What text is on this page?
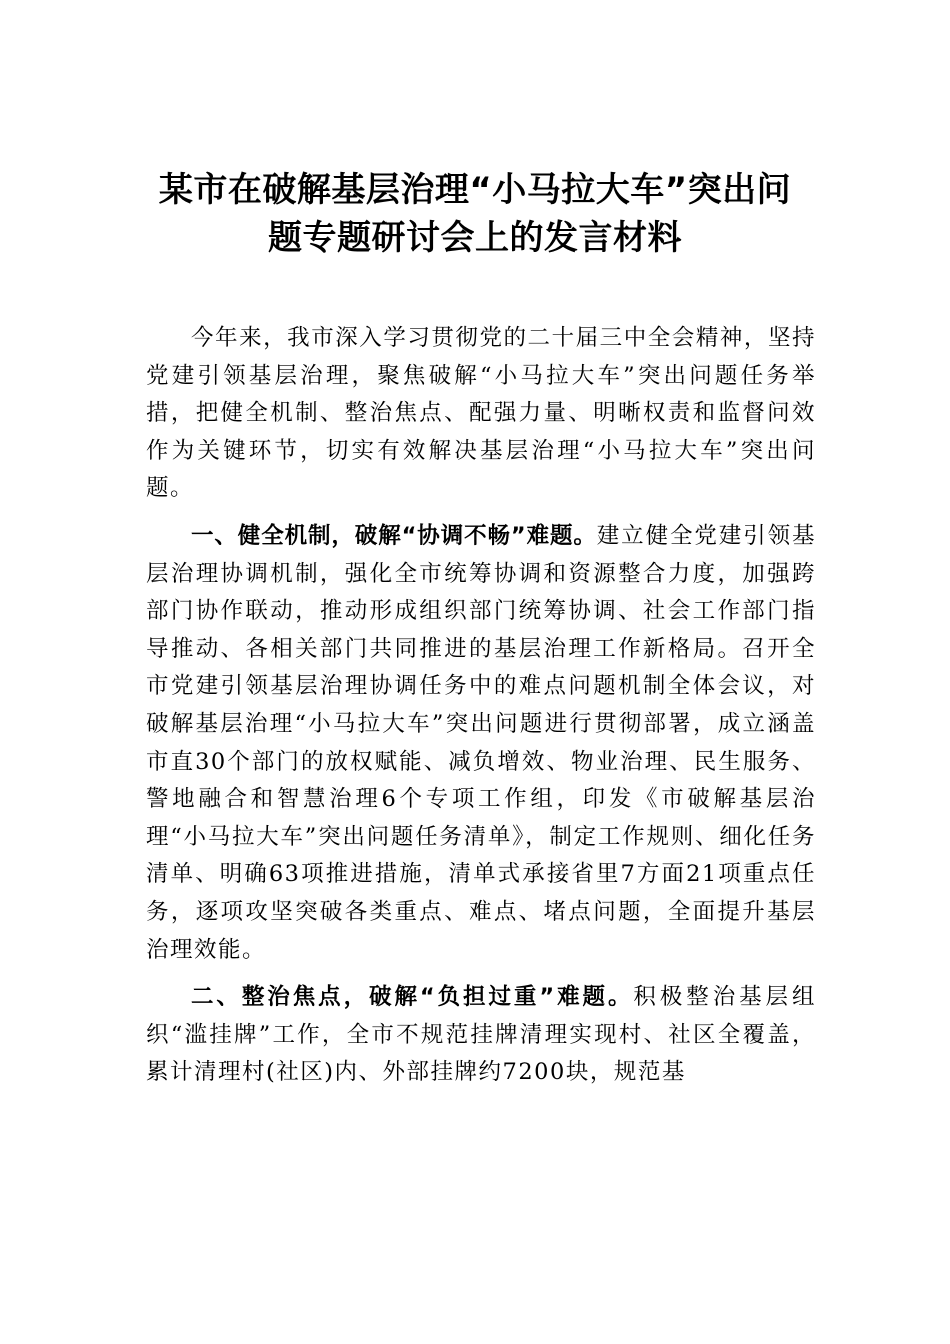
某市在破解基层治理“小马拉大车”突出问
题专题研讨会上的发言材料

今年来，我市深入学习贯彻党的二十届三中全会精神，坚持党建引领基层治理，聚焦破解“小马拉大车”突出问题任务举措，把健全机制、整治焦点、配强力量、明晰权责和监督问效作为关键环节，切实有效解决基层治理“小马拉大车”突出问题。

一、健全机制，破解“协调不畅”难题。建立健全党建引领基层治理协调机制，强化全市统筹协调和资源整合力度，加强跨部门协作联动，推动形成组织部门统筹协调、社会工作部门指导推动、各相关部门共同推进的基层治理工作新格局。召开全市党建引领基层治理协调任务中的难点问题机制全体会议，对破解基层治理“小马拉大车”突出问题进行贯彻部署，成立涵盖市直30个部门的放权赋能、减负增效、物业治理、民生服务、警地融合和智慧治理6个专项工作组，印发《市破解基层治理“小马拉大车”突出问题任务清单》，制定工作规则、细化任务清单、明确63项推进措施，清单式承接省里7方面21项重点任务，逐项攻坚突破各类重点、难点、堵点问题，全面提升基层治理效能。

二、整治焦点，破解“负担过重”难题。积极整治基层组织“滥挂牌”工作，全市不规范挂牌清理实现村、社区全覆盖，累计清理村(社区)内、外部挂牌约7200块，规范基
